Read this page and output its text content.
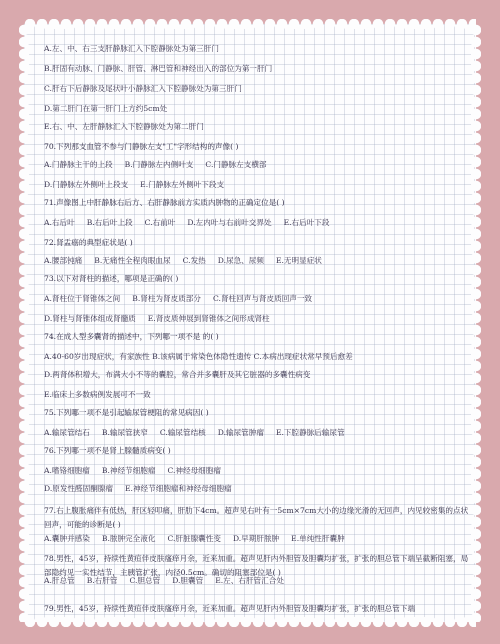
A.左、中、右三支肝静脉汇入下腔静脉处为第三肝门
B.肝固有动脉、门静脉、肝管、淋巴管和神经出入的部位为第一肝门
C.肝右下后静脉及尾状叶小静脉汇入下腔静脉处为第三肝门
D.第二肝门在第一肝门上方约5cm处
E.右、中、左肝静脉汇入下腔静脉处为第二肝门
70.下列那支血管不参与门静脉左支"工"字形结构的声像( )
A.门静脉主干的上段 B.门静脉左内侧叶支 C.门静脉左支横部
D.门静脉左外侧叶上段支 E.门静脉左外侧叶下段支
71.声像图上中肝静脉右后方、右肝静脉前方实质内肿物的正确定位是( )
A.右后叶 B.右后叶上段 C.右前叶 D.左内叶与右前叶交界处 E.右后叶下段
72.肾盂癌的典型症状是( )
A.腰部钝痛 B.无痛性全程肉眼血尿 C.发热 D.尿急、尿频 E.无明显症状
73.以下对肾柱的描述，哪项是正确的( )
A.肾柱位于肾锥体之间 B.肾柱为肾皮质部分 C.肾柱回声与肾皮质回声一致
D.肾柱与肾锥体组成肾髓质 E.肾皮质伸展到肾锥体之间形成肾柱
74.在成人型多囊肾的描述中，下列哪一项不是 的( )
A.40-60岁出现症状，有家族性 B.该病属于常染色体隐性遗传 C.本病出现症状常早预后愈差
D.两肾体积增大，布满大小不等的囊腔，常合并多囊肝及其它脏器的多囊性病变
E.临床上多数病例发展可不一致
75.下列哪一项不是引起输尿管梗阻的常见病因( )
A.输尿管结石 B.输尿管狭窄 C.输尿管结核 D.输尿管肿瘤 E.下腔静脉后输尿管
76.下列哪一项不是肾上腺髓质病变( )
A.嗜铬细胞瘤 B.神经节细胞瘤 C.神经母细胞瘤
D.原发性醛固酮腺瘤 E.神经节细胞瘤和神经母细胞瘤
77.右上腹胀痛伴有低热，肝区轻叩痛，肝肋下4cm。超声见右叶有一5cm×7cm大小的边缘光滑的无回声，内见较密集的点状回声，可能的诊断是( )
A.囊肿并感染 B.脓肿完全液化 C.肝脏腺囊性变 D.早期肝脓肿 E.单纯性肝囊肿
78.男性，45岁，持续性黄疸伴皮肤瘙痒月余，近来加重。超声见肝内外胆管及胆囊均扩张，扩张的胆总管下端呈截断阻塞，局部隐约见一实性结节，主胰管扩张，内径0.5cm。确切的阻塞部位是( )
A.肝总管 B.右肝管 C.胆总管 D.胆囊管 E.左、右肝管汇合处
79.男性，45岁，持续性黄疸伴皮肤瘙痒月余，近来加重。超声见肝内外胆管及胆囊均扩张，扩张的胆总管下端
